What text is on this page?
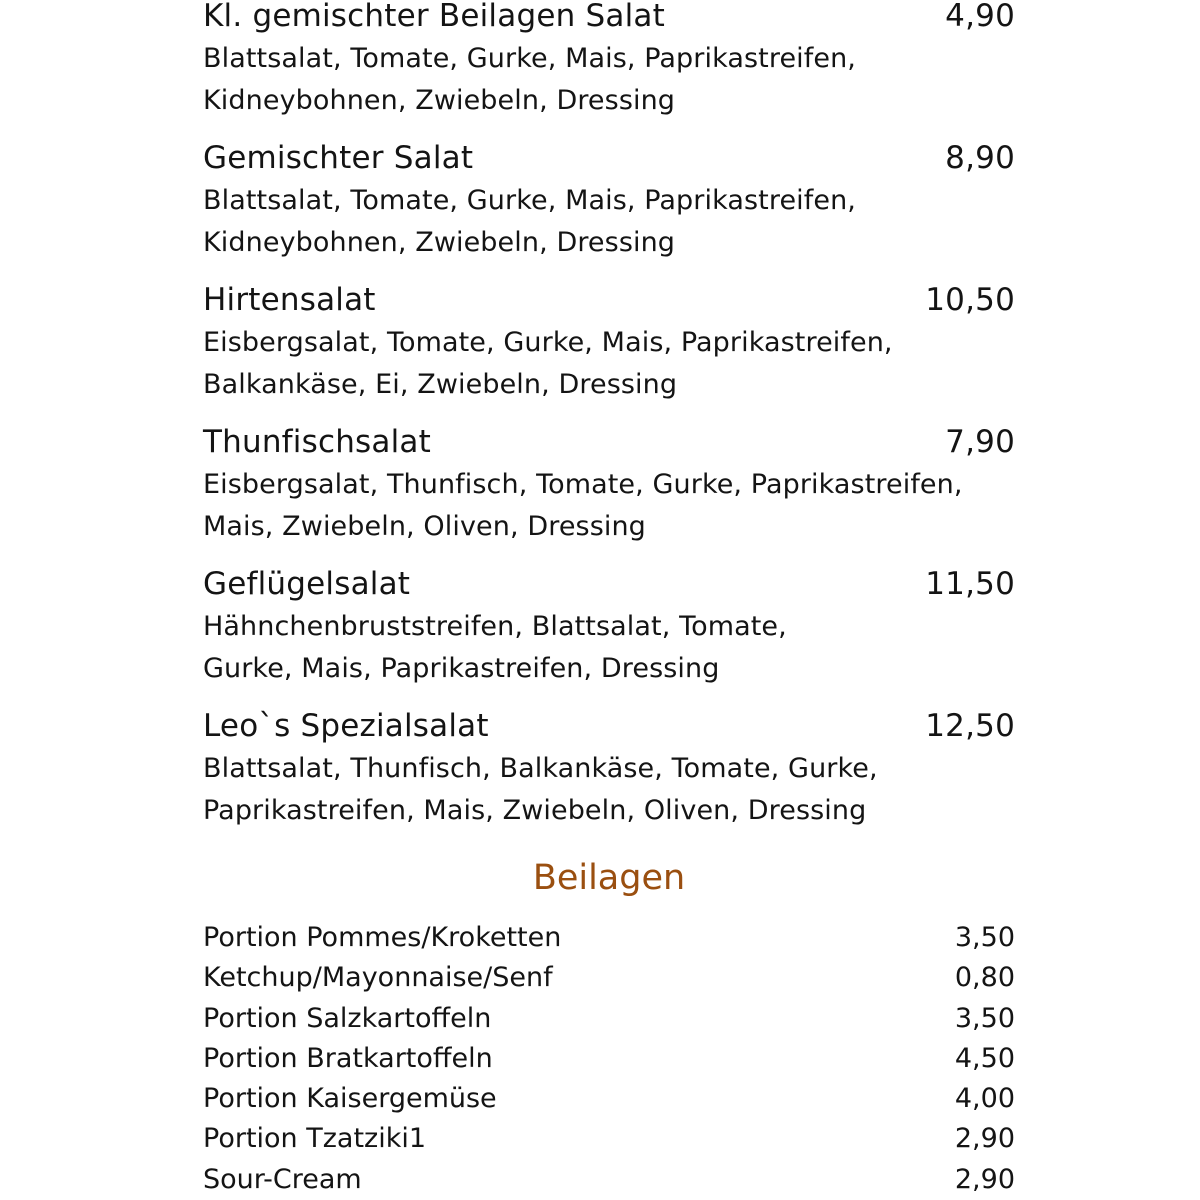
Kl. gemischter Beilagen Salat	4,90
Blattsalat, Tomate, Gurke, Mais, Paprikastreifen,
Kidneybohnen, Zwiebeln, Dressing
Gemischter Salat	8,90
Blattsalat, Tomate, Gurke, Mais, Paprikastreifen,
Kidneybohnen, Zwiebeln, Dressing
Hirtensalat	10,50
Eisbergsalat, Tomate, Gurke, Mais, Paprikastreifen,
Balkankäse, Ei, Zwiebeln, Dressing
Thunfischsalat	7,90
Eisbergsalat, Thunfisch, Tomate, Gurke, Paprikastreifen,
Mais, Zwiebeln, Oliven, Dressing
Geflügelsalat	11,50
Hähnchenbruststreifen, Blattsalat, Tomate,
Gurke, Mais, Paprikastreifen, Dressing
Leo`s Spezialsalat	12,50
Blattsalat, Thunfisch, Balkankäse, Tomate, Gurke,
Paprikastreifen, Mais, Zwiebeln, Oliven, Dressing
Beilagen
Portion Pommes/Kroketten	3,50
Ketchup/Mayonnaise/Senf	0,80
Portion Salzkartoffeln	3,50
Portion Bratkartoffeln	4,50
Portion Kaisergemüse	4,00
Portion Tzatziki1	2,90
Sour-Cream	2,90
